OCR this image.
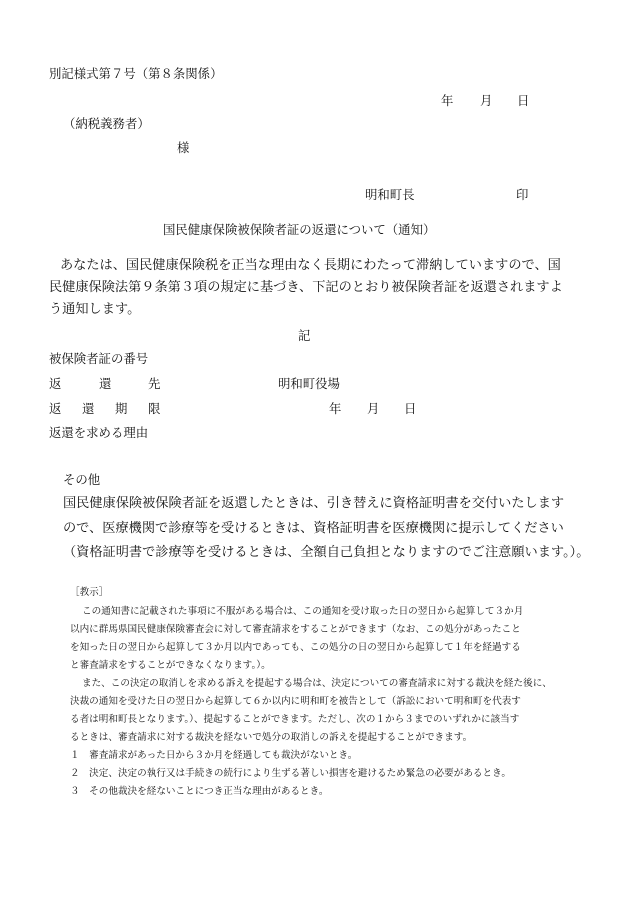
別記様式第７号（第８条関係）
年 月 日
（納税義務者）
様
明和町長	印
国民健康保険被保険者証の返還について（通知）
あなたは、国民健康保険税を正当な理由なく長期にわたって滞納していますので、国
民健康保険法第９条第３項の規定に基づき、下記のとおり被保険者証を返還されますよ
う通知します。
記
被保険者証の番号
返	還	先	明和町役場
返 還 期 限	年 月 日
返還を求める理由
その他
国民健康保険被保険者証を返還したときは、引き替えに資格証明書を交付いたします
ので、医療機関で診療等を受けるときは、資格証明書を医療機関に提示してください
（資格証明書で診療等を受けるときは、全額自己負担となりますのでご注意願います。）。
［教示］
この通知書に記載された事項に不服がある場合は、この通知を受け取った日の翌日から起算して３か月
以内に群馬県国民健康保険審査会に対して審査請求をすることができます（なお、この処分があったこと
を知った日の翌日から起算して３か月以内であっても、この処分の日の翌日から起算して１年を経過する
と審査請求をすることができなくなります。）。
また、この決定の取消しを求める訴えを提起する場合は、決定についての審査請求に対する裁決を経た後に、
決裁の通知を受けた日の翌日から起算して６か以内に明和町を被告として（訴訟において明和町を代表す
る者は明和町長となります。）、提起することができます。ただし、次の１から３までのいずれかに該当す
るときは、審査請求に対する裁決を経ないで処分の取消しの訴えを提起することができます。
１　審査請求があった日から３か月を経過しても裁決がないとき。
２　決定、決定の執行又は手続きの続行により生ずる著しい損害を避けるため緊急の必要があるとき。
３　その他裁決を経ないことにつき正当な理由があるとき。
